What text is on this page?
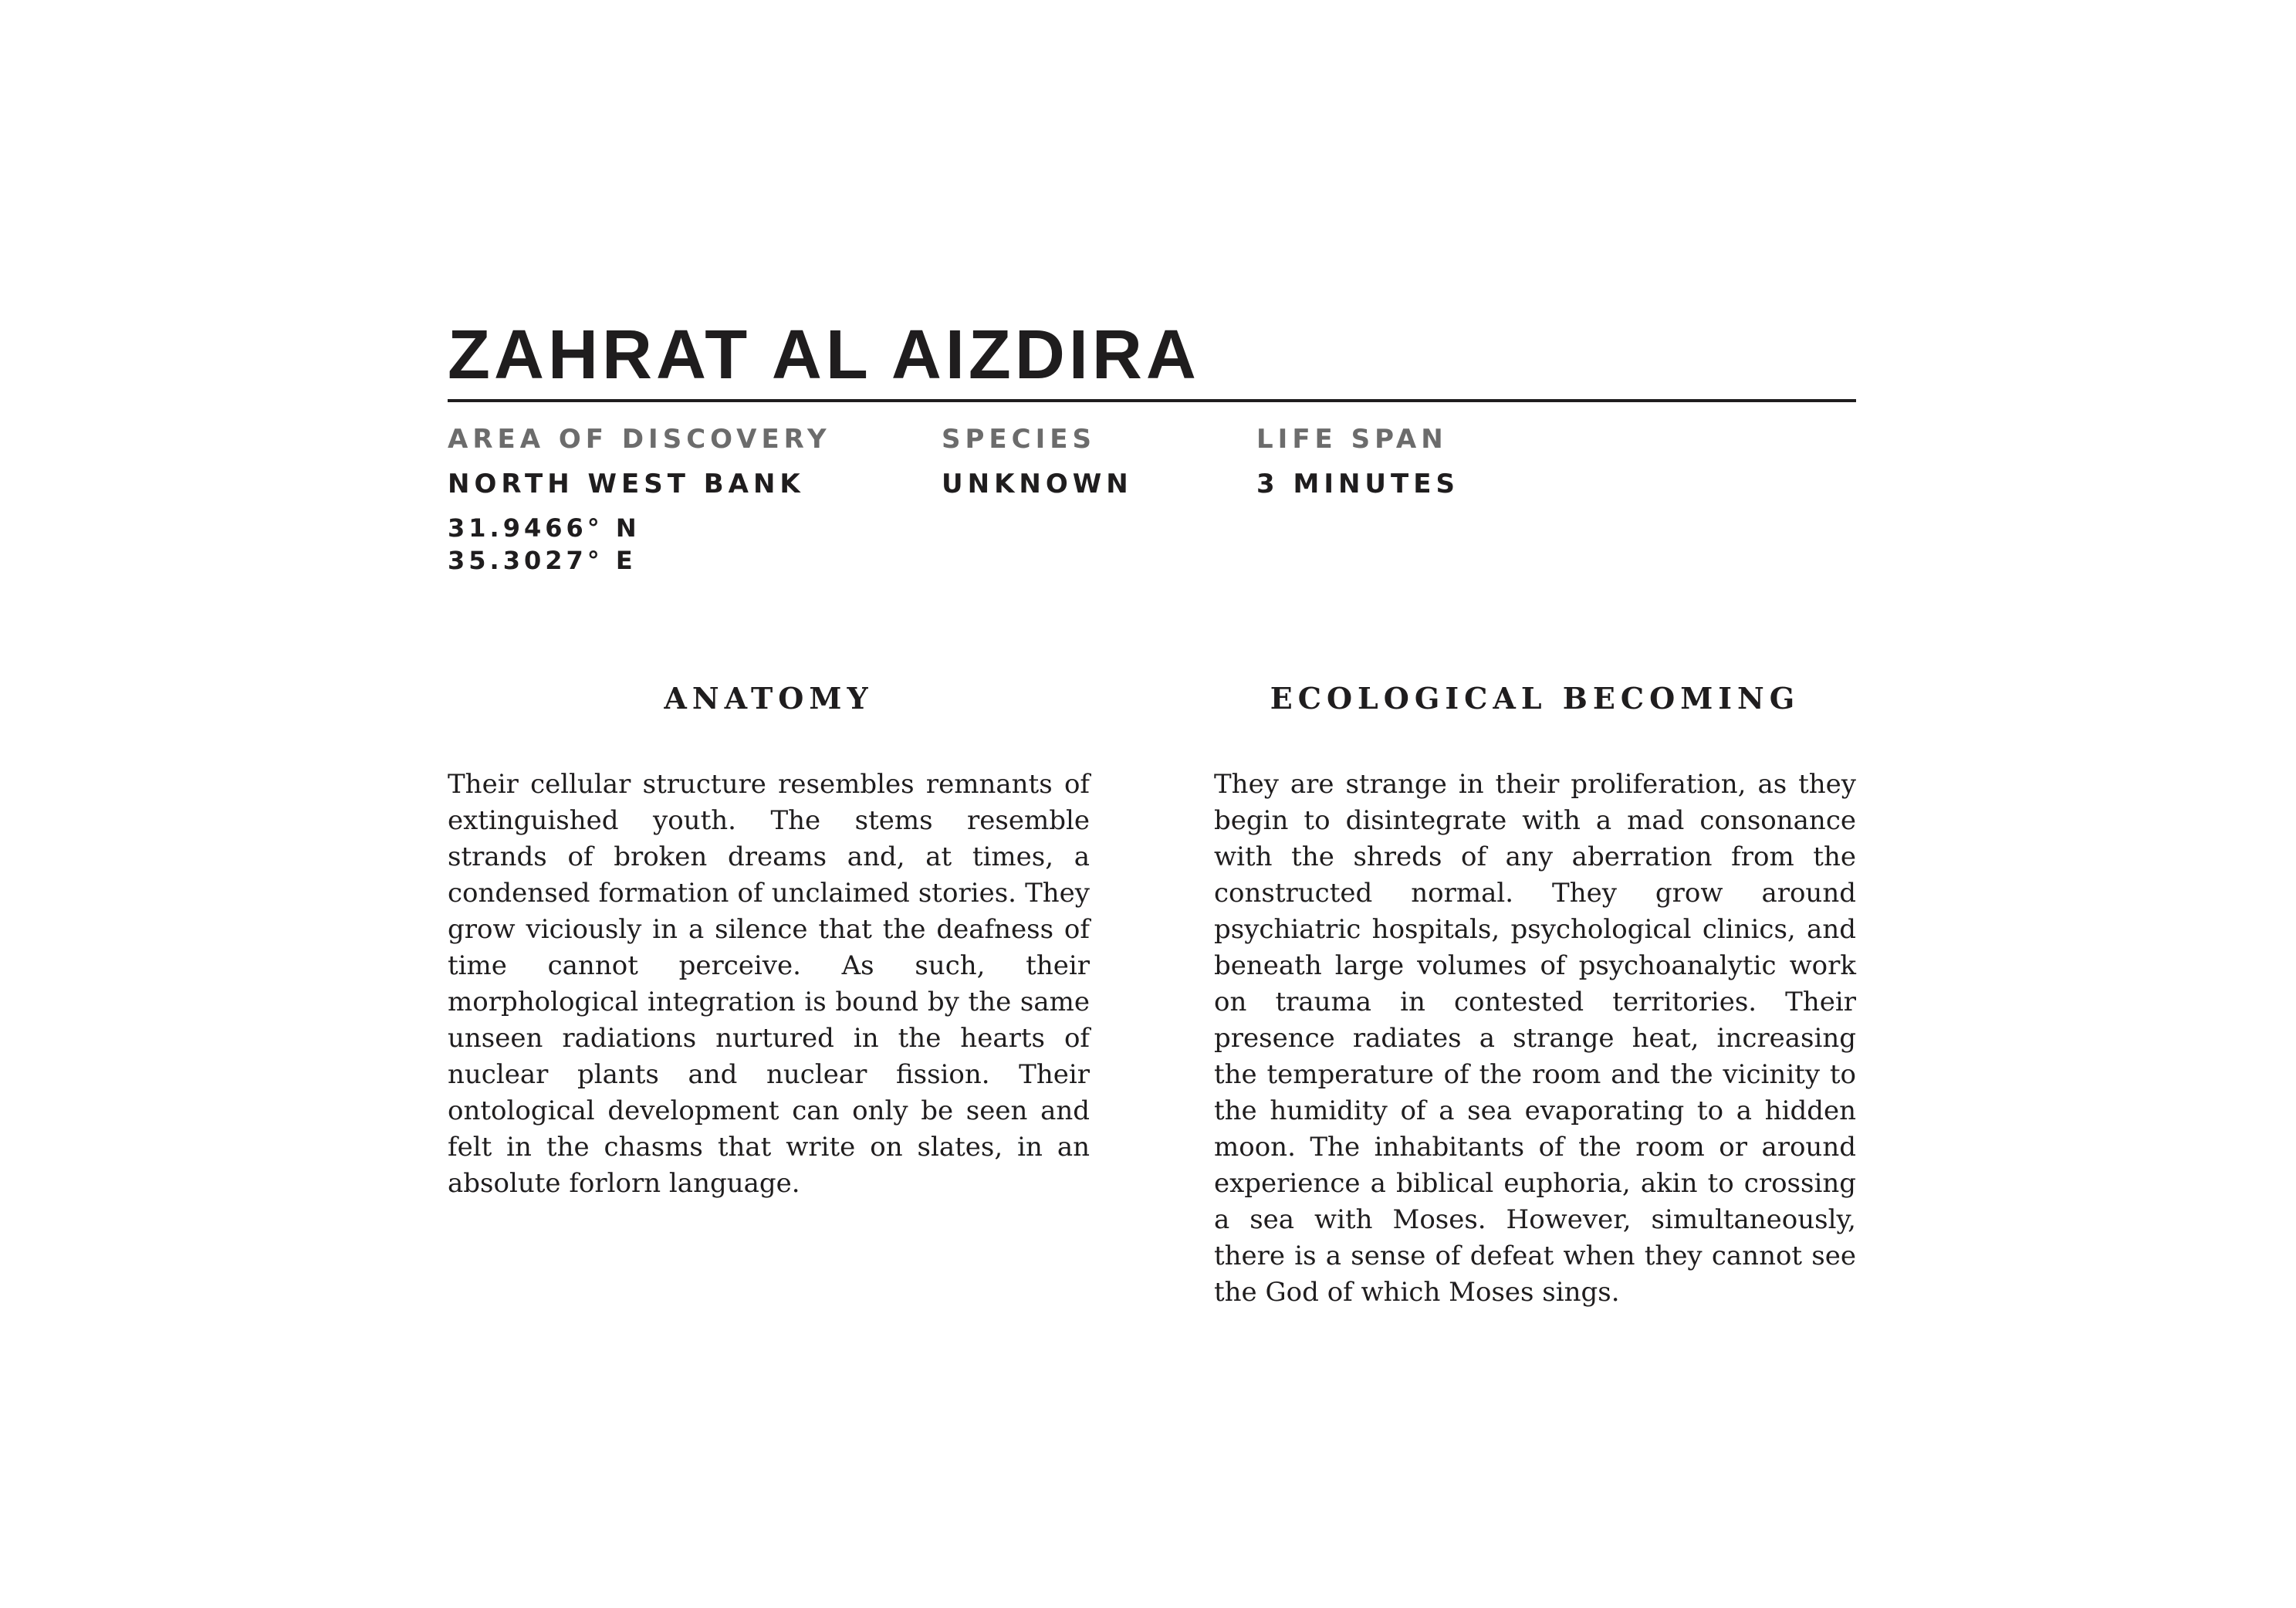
ZAHRAT AL AIZDIRA
AREA OF DISCOVERY
NORTH WEST BANK
31.9466° N
35.3027° E
SPECIES
UNKNOWN
LIFE SPAN
3 MINUTES
ANATOMY

Their cellular structure resembles remnants of extinguished youth. The stems resemble strands of broken dreams and, at times, a condensed formation of unclaimed stories. They grow viciously in a silence that the deafness of time cannot perceive. As such, their morphological integration is bound by the same unseen radiations nurtured in the hearts of nuclear plants and nuclear fission. Their ontological development can only be seen and felt in the chasms that write on slates, in an absolute forlorn language.

ECOLOGICAL BECOMING

They are strange in their proliferation, as they begin to disintegrate with a mad consonance with the shreds of any aberration from the constructed normal. They grow around psychiatric hospitals, psychological clinics, and beneath large volumes of psychoanalytic work on trauma in contested territories. Their presence radiates a strange heat, increasing the temperature of the room and the vicinity to the humidity of a sea evaporating to a hidden moon. The inhabitants of the room or around experience a biblical euphoria, akin to crossing a sea with Moses. However, simultaneously, there is a sense of defeat when they cannot see the God of which Moses sings.
